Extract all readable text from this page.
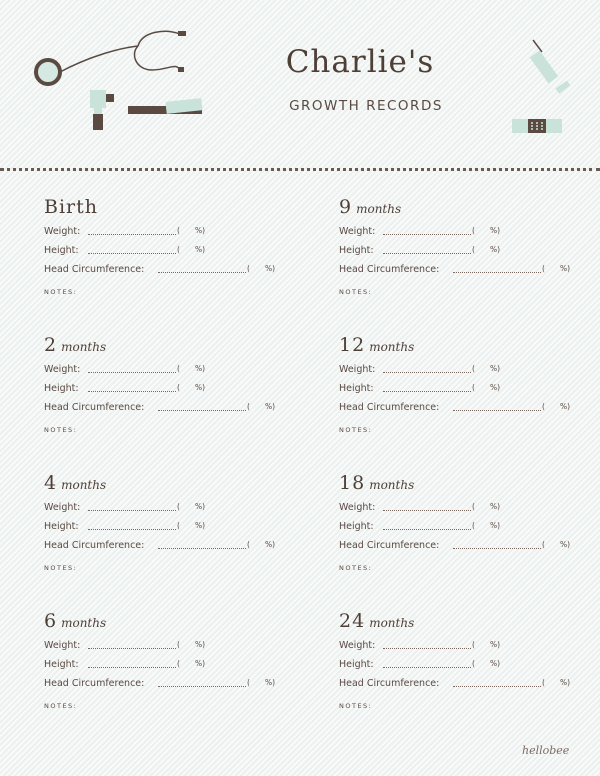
Charlie's
GROWTH RECORDS
Birth
Weight:	( %)
Height:	( %)
Head Circumference:	( %)
NOTES:
9 months
Weight:	( %)
Height:	( %)
Head Circumference:	( %)
NOTES:
2 months
Weight:	( %)
Height:	( %)
Head Circumference:	( %)
NOTES:
12 months
Weight:	( %)
Height:	( %)
Head Circumference:	( %)
NOTES:
4 months
Weight:	( %)
Height:	( %)
Head Circumference:	( %)
NOTES:
18 months
Weight:	( %)
Height:	( %)
Head Circumference:	( %)
NOTES:
6 months
Weight:	( %)
Height:	( %)
Head Circumference:	( %)
NOTES:
24 months
Weight:	( %)
Height:	( %)
Head Circumference:	( %)
NOTES:
hellobee
